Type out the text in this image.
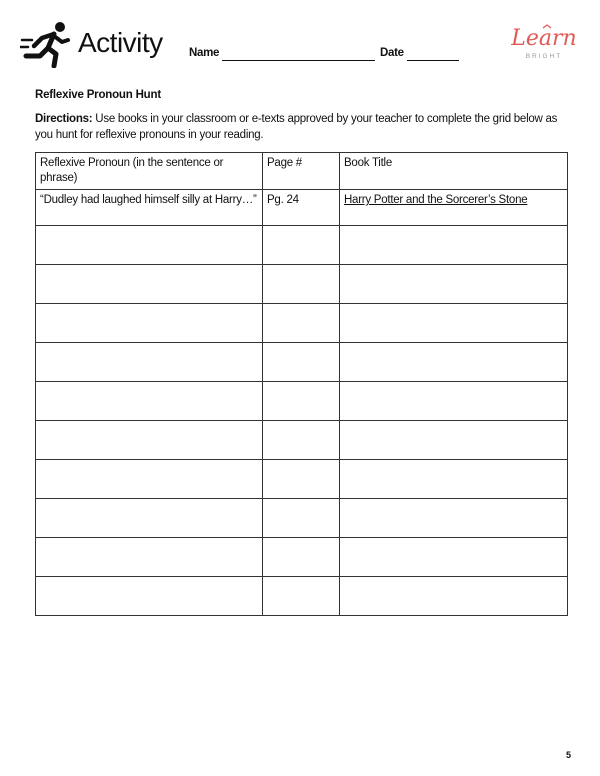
Activity Name	Date
Learn
BRIGHT
Reflexive Pronoun Hunt
Directions: Use books in your classroom or e-texts approved by your teacher to complete the grid below as you hunt for reflexive pronouns in your reading.
Reflexive Pronoun (in the sentence or phrase)	Page #	Book Title
“Dudley had laughed himself silly at Harry…”	Pg. 24	Harry Potter and the Sorcerer’s Stone

5
